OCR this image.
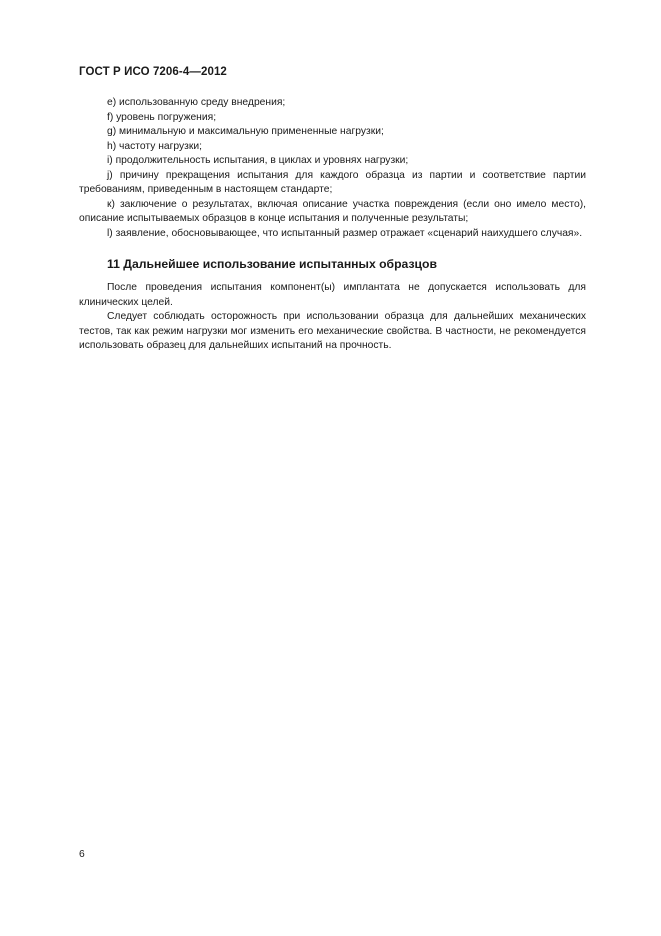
ГОСТ Р ИСО 7206-4—2012

e) использованную среду внедрения;

f) уровень погружения;

g) минимальную и максимальную примененные нагрузки;

h) частоту нагрузки;

i) продолжительность испытания, в циклах и уровнях нагрузки;

j) причину прекращения испытания для каждого образца из партии и соответствие партии требованиям, приведенным в настоящем стандарте;

к) заключение о результатах, включая описание участка повреждения (если оно имело место), описание испытываемых образцов в конце испытания и полученные результаты;

l) заявление, обосновывающее, что испытанный размер отражает «сценарий наихудшего случая».

11 Дальнейшее использование испытанных образцов

После проведения испытания компонент(ы) имплантата не допускается использовать для клинических целей.

Следует соблюдать осторожность при использовании образца для дальнейших механических тестов, так как режим нагрузки мог изменить его механические свойства. В частности, не рекомендуется использовать образец для дальнейших испытаний на прочность.

6
